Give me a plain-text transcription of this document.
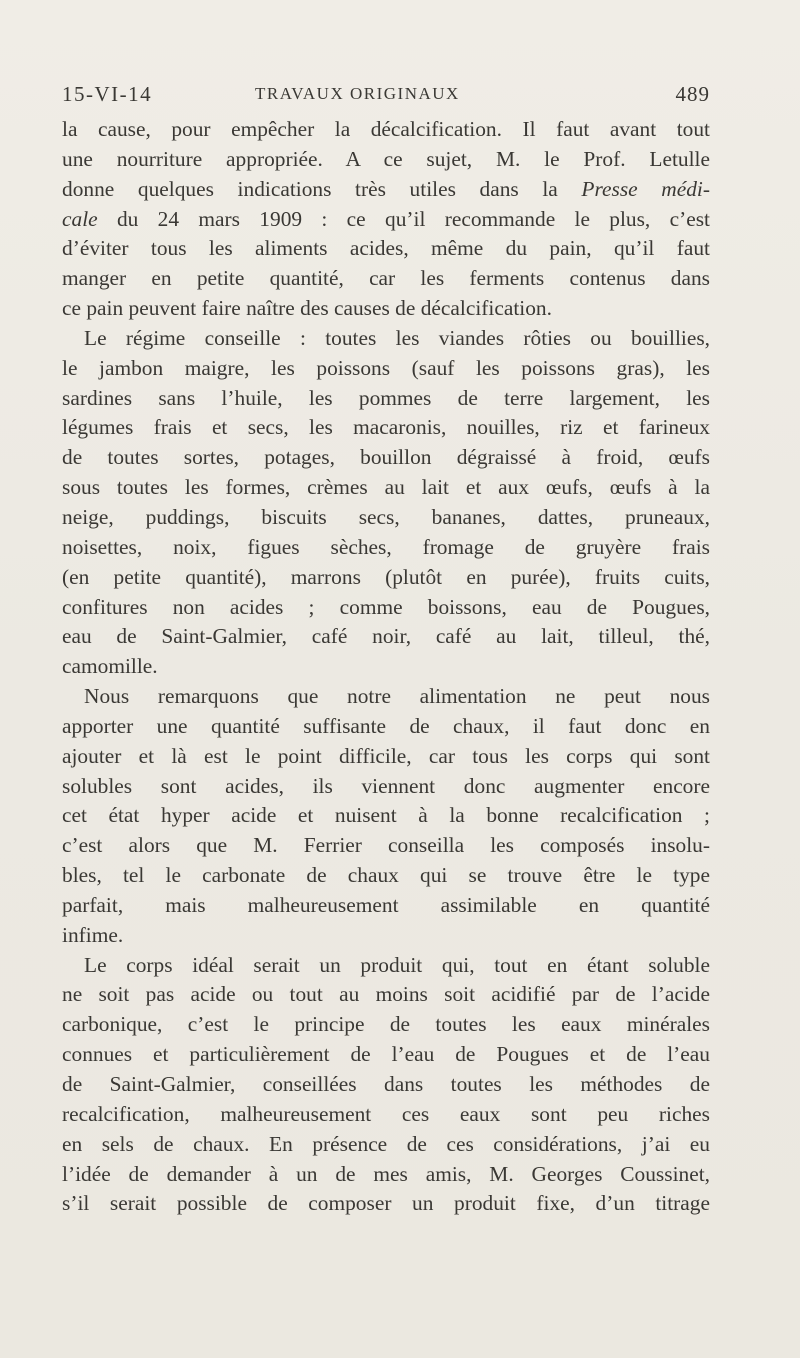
15-VI-14	TRAVAUX ORIGINAUX	489
la cause, pour empêcher la décalcification. Il faut avant tout
une nourriture appropriée. A ce sujet, M. le Prof. Letulle
donne quelques indications très utiles dans la Presse médi-
cale du 24 mars 1909 : ce qu’il recommande le plus, c’est
d’éviter tous les aliments acides, même du pain, qu’il faut
manger en petite quantité, car les ferments contenus dans
ce pain peuvent faire naître des causes de décalcification.
Le régime conseille : toutes les viandes rôties ou bouillies,
le jambon maigre, les poissons (sauf les poissons gras), les
sardines sans l’huile, les pommes de terre largement, les
légumes frais et secs, les macaronis, nouilles, riz et farineux
de toutes sortes, potages, bouillon dégraissé à froid, œufs
sous toutes les formes, crèmes au lait et aux œufs, œufs à la
neige, puddings, biscuits secs, bananes, dattes, pruneaux,
noisettes, noix, figues sèches, fromage de gruyère frais
(en petite quantité), marrons (plutôt en purée), fruits cuits,
confitures non acides ; comme boissons, eau de Pougues,
eau de Saint-Galmier, café noir, café au lait, tilleul, thé,
camomille.
Nous remarquons que notre alimentation ne peut nous
apporter une quantité suffisante de chaux, il faut donc en
ajouter et là est le point difficile, car tous les corps qui sont
solubles sont acides, ils viennent donc augmenter encore
cet état hyper acide et nuisent à la bonne recalcification ;
c’est alors que M. Ferrier conseilla les composés insolu-
bles, tel le carbonate de chaux qui se trouve être le type
parfait, mais malheureusement assimilable en quantité
infime.
Le corps idéal serait un produit qui, tout en étant soluble
ne soit pas acide ou tout au moins soit acidifié par de l’acide
carbonique, c’est le principe de toutes les eaux minérales
connues et particulièrement de l’eau de Pougues et de l’eau
de Saint-Galmier, conseillées dans toutes les méthodes de
recalcification, malheureusement ces eaux sont peu riches
en sels de chaux. En présence de ces considérations, j’ai eu
l’idée de demander à un de mes amis, M. Georges Coussinet,
s’il serait possible de composer un produit fixe, d’un titrage
